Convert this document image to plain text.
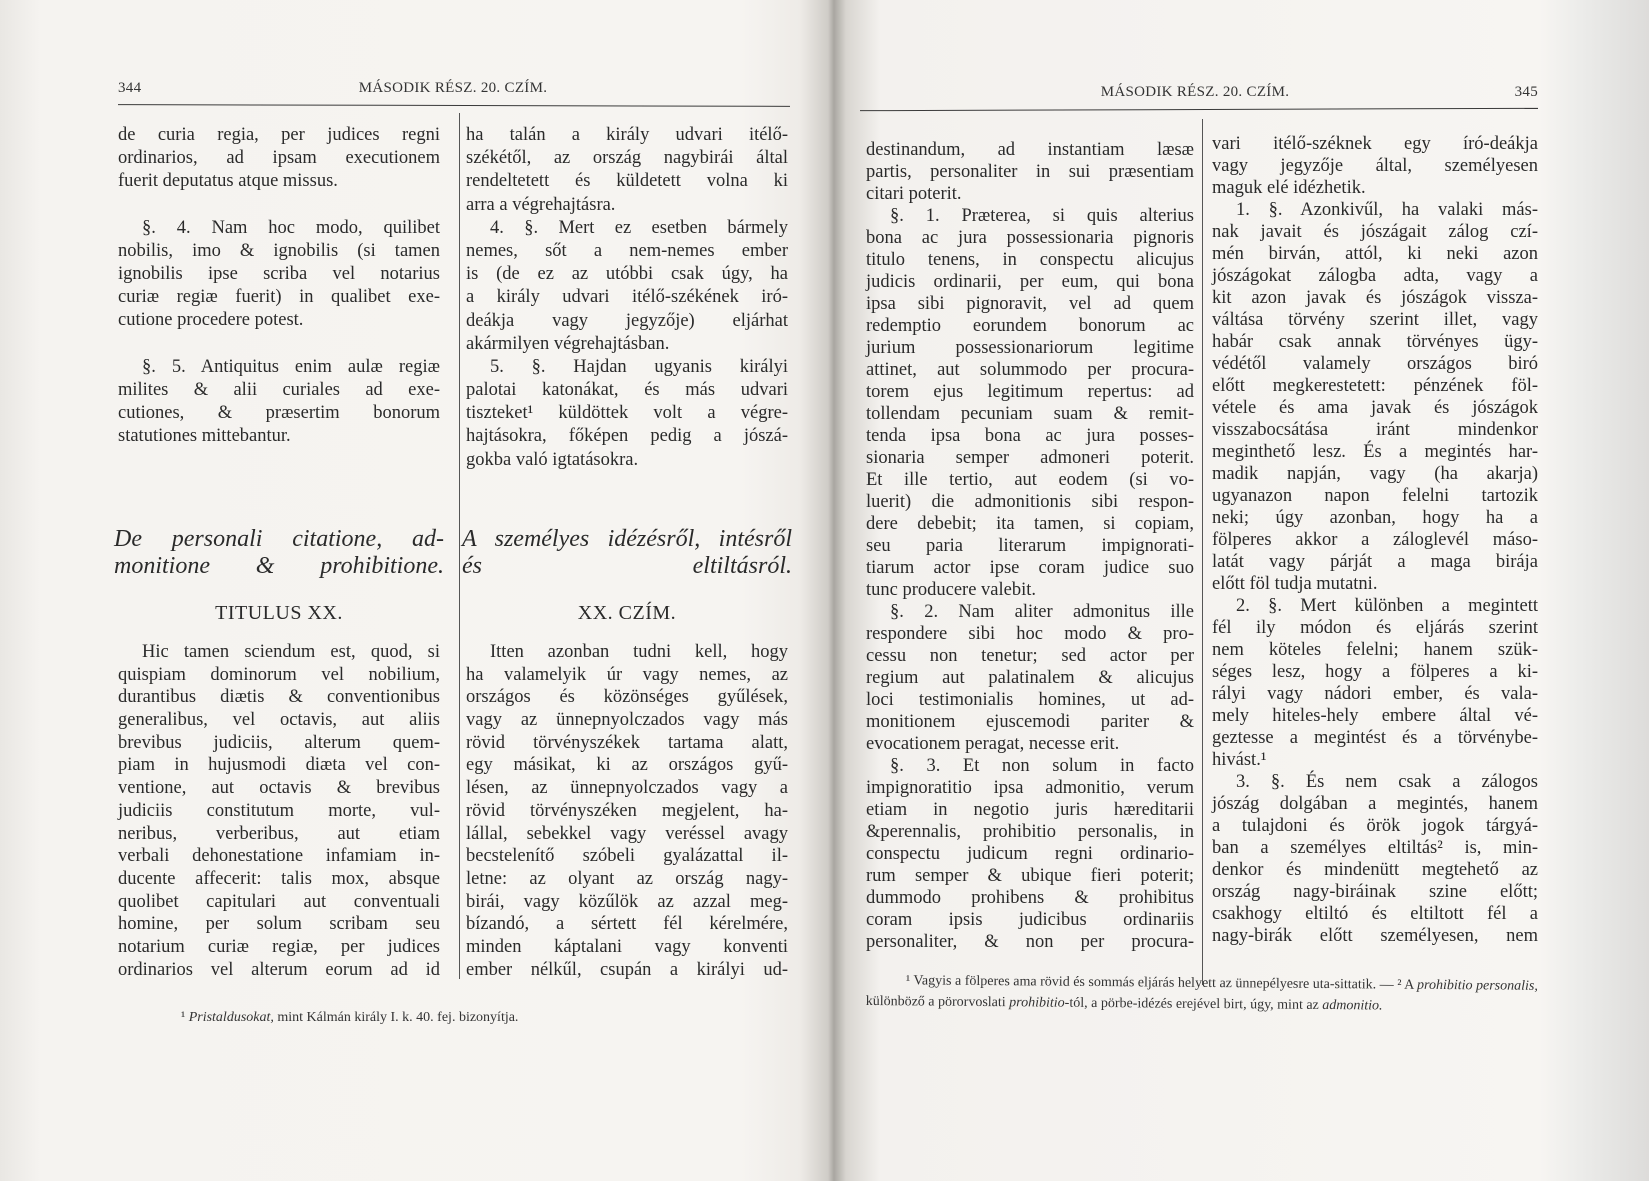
344	MÁSODIK RÉSZ. 20. CZÍM.
de curia regia, per judices regni
ordinarios, ad ipsam executionem
fuerit deputatus atque missus.
§. 4. Nam hoc modo, quilibet
nobilis, imo & ignobilis (si tamen
ignobilis ipse scriba vel notarius
curiæ regiæ fuerit) in qualibet exe-
cutione procedere potest.
§. 5. Antiquitus enim aulæ regiæ
milites & alii curiales ad exe-
cutiones, & præsertim bonorum
statutiones mittebantur.
ha talán a király udvari itélő-
székétől, az ország nagybirái által
rendeltetett és küldetett volna ki
arra a végrehajtásra.
4. §. Mert ez esetben bármely
nemes, sőt a nem-nemes ember
is (de ez az utóbbi csak úgy, ha
a király udvari itélő-székének iró-
deákja vagy jegyzője) eljárhat
akármilyen végrehajtásban.
5. §. Hajdan ugyanis királyi
palotai katonákat, és más udvari
tiszteket¹ küldöttek volt a végre-
hajtásokra, főképen pedig a jószá-
gokba való igtatásokra.
De personali citatione, ad-
monitione & prohibitione.
A személyes idézésről, intésről
és eltiltásról.
TITULUS XX.	XX. CZÍM.
Hic tamen sciendum est, quod, si
quispiam dominorum vel nobilium,
durantibus diætis & conventionibus
generalibus, vel octavis, aut aliis
brevibus judiciis, alterum quem-
piam in hujusmodi diæta vel con-
ventione, aut octavis & brevibus
judiciis constitutum morte, vul-
neribus, verberibus, aut etiam
verbali dehonestatione infamiam in-
ducente affecerit: talis mox, absque
quolibet capitulari aut conventuali
homine, per solum scribam seu
notarium curiæ regiæ, per judices
ordinarios vel alterum eorum ad id
Itten azonban tudni kell, hogy
ha valamelyik úr vagy nemes, az
országos és közönséges gyűlések,
vagy az ünnepnyolczados vagy más
rövid törvényszékek tartama alatt,
egy másikat, ki az országos gyű-
lésen, az ünnepnyolczados vagy a
rövid törvényszéken megjelent, ha-
lállal, sebekkel vagy veréssel avagy
becstelenítő szóbeli gyalázattal il-
letne: az olyant az ország nagy-
birái, vagy közűlök az azzal meg-
bízandó, a sértett fél kérelmére,
minden káptalani vagy konventi
ember nélkűl, csupán a királyi ud-
¹ Pristaldusokat, mint Kálmán király I. k. 40. fej. bizonyítja.
MÁSODIK RÉSZ. 20. CZÍM.	345
destinandum, ad instantiam læsæ
partis, personaliter in sui præsentiam
citari poterit.
§. 1. Præterea, si quis alterius
bona ac jura possessionaria pignoris
titulo tenens, in conspectu alicujus
judicis ordinarii, per eum, qui bona
ipsa sibi pignoravit, vel ad quem
redemptio eorundem bonorum ac
jurium possessionariorum legitime
attinet, aut solummodo per procura-
torem ejus legitimum repertus: ad
tollendam pecuniam suam & remit-
tenda ipsa bona ac jura posses-
sionaria semper admoneri poterit.
Et ille tertio, aut eodem (si vo-
luerit) die admonitionis sibi respon-
dere debebit; ita tamen, si copiam,
seu paria literarum impignorati-
tiarum actor ipse coram judice suo
tunc producere valebit.
§. 2. Nam aliter admonitus ille
respondere sibi hoc modo & pro-
cessu non tenetur; sed actor per
regium aut palatinalem & alicujus
loci testimonialis homines, ut ad-
monitionem ejuscemodi pariter &
evocationem peragat, necesse erit.
§. 3. Et non solum in facto
impignoratitio ipsa admonitio, verum
etiam in negotio juris hæreditarii
&perennalis, prohibitio personalis, in
conspectu judicum regni ordinario-
rum semper & ubique fieri poterit;
dummodo prohibens & prohibitus
coram ipsis judicibus ordinariis
personaliter, & non per procura-
vari itélő-széknek egy író-deákja
vagy jegyzője által, személyesen
maguk elé idézhetik.
1. §. Azonkivűl, ha valaki más-
nak javait és jószágait zálog czí-
mén birván, attól, ki neki azon
jószágokat zálogba adta, vagy a
kit azon javak és jószágok vissza-
váltása törvény szerint illet, vagy
habár csak annak törvényes ügy-
védétől valamely országos biró
előtt megkerestetett: pénzének föl-
vétele és ama javak és jószágok
visszabocsátása iránt mindenkor
meginthető lesz. És a megintés har-
madik napján, vagy (ha akarja)
ugyanazon napon felelni tartozik
neki; úgy azonban, hogy ha a
fölperes akkor a záloglevél máso-
latát vagy párját a maga birája
előtt föl tudja mutatni.
2. §. Mert különben a megintett
fél ily módon és eljárás szerint
nem köteles felelni; hanem szük-
séges lesz, hogy a fölperes a ki-
rályi vagy nádori ember, és vala-
mely hiteles-hely embere által vé-
geztesse a megintést és a törvénybe-
hivást.¹
3. §. És nem csak a zálogos
jószág dolgában a megintés, hanem
a tulajdoni és örök jogok tárgyá-
ban a személyes eltiltás² is, min-
denkor és mindenütt megtehető az
ország nagy-biráinak szine előtt;
csakhogy eltiltó és eltiltott fél a
nagy-birák előtt személyesen, nem
¹ Vagyis a fölperes ama rövid és sommás eljárás helyett az ünnepélyesre uta-sittatik. — ² A prohibitio personalis, különböző a pörorvoslati prohibitio-tól, a pörbe-idézés erejével birt, úgy, mint az admonitio.
